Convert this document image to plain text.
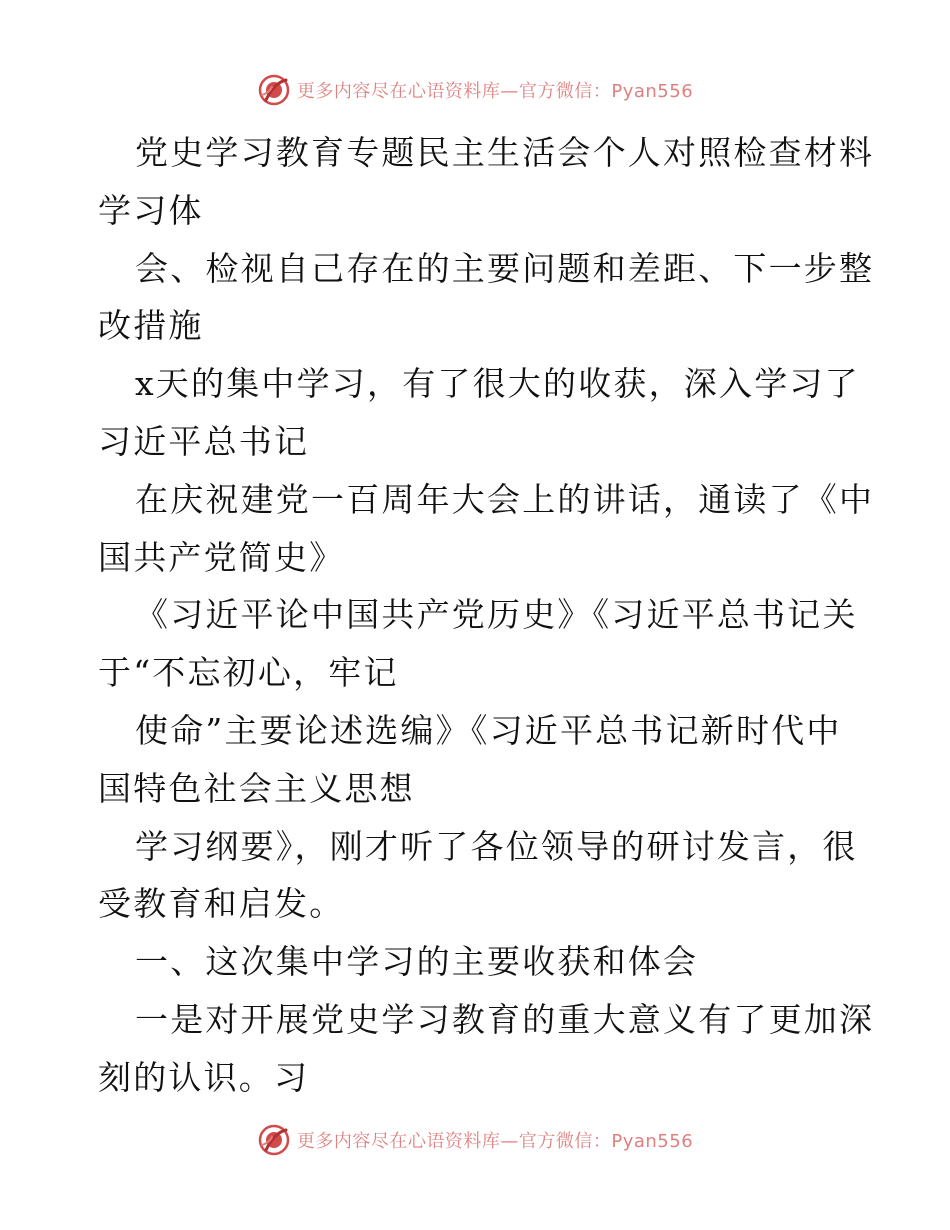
更多内容尽在心语资料库—官方微信：Pyan556
党史学习教育专题民主生活会个人对照检查材料
学习体
会、检视自己存在的主要问题和差距、下一步整
改措施
x天的集中学习，有了很大的收获，深入学习了
习近平总书记
在庆祝建党一百周年大会上的讲话，通读了《中
国共产党简史》
《习近平论中国共产党历史》《习近平总书记关
于“不忘初心，牢记
使命”主要论述选编》《习近平总书记新时代中
国特色社会主义思想
学习纲要》，刚才听了各位领导的研讨发言，很
受教育和启发。
一、这次集中学习的主要收获和体会
一是对开展党史学习教育的重大意义有了更加深
刻的认识。习
更多内容尽在心语资料库—官方微信：Pyan556
